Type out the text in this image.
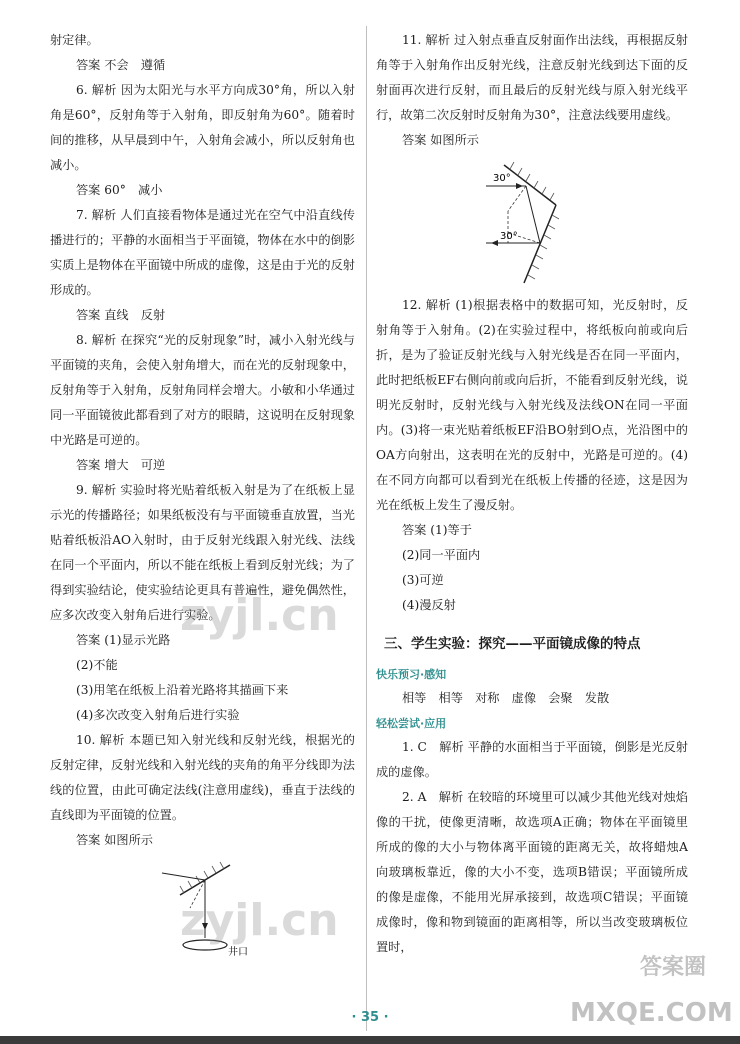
射定律。

答案 不会　遵循

6. 解析 因为太阳光与水平方向成30°角，所以入射角是60°，反射角等于入射角，即反射角为60°。随着时间的推移，从早晨到中午，入射角会减小，所以反射角也减小。

答案 60°　减小

7. 解析 人们直接看物体是通过光在空气中沿直线传播进行的；平静的水面相当于平面镜，物体在水中的倒影实质上是物体在平面镜中所成的虚像，这是由于光的反射形成的。

答案 直线　反射

8. 解析 在探究“光的反射现象”时，减小入射光线与平面镜的夹角，会使入射角增大，而在光的反射现象中，反射角等于入射角，反射角同样会增大。小敏和小华通过同一平面镜彼此都看到了对方的眼睛，这说明在反射现象中光路是可逆的。

答案 增大　可逆

9. 解析 实验时将光贴着纸板入射是为了在纸板上显示光的传播路径；如果纸板没有与平面镜垂直放置，当光贴着纸板沿AO入射时，由于反射光线跟入射光线、法线在同一个平面内，所以不能在纸板上看到反射光线；为了得到实验结论，使实验结论更具有普遍性，避免偶然性，应多次改变入射角后进行实验。

答案 (1)显示光路

(2)不能

(3)用笔在纸板上沿着光路将其描画下来

(4)多次改变入射角后进行实验

10. 解析 本题已知入射光线和反射光线，根据光的反射定律，反射光线和入射光线的夹角的角平分线即为法线的位置，由此可确定法线(注意用虚线)，垂直于法线的直线即为平面镜的位置。

答案 如图所示

井口

11. 解析 过入射点垂直反射面作出法线，再根据反射角等于入射角作出反射光线，注意反射光线到达下面的反射面再次进行反射，而且最后的反射光线与原入射光线平行，故第二次反射时反射角为30°，注意法线要用虚线。

答案 如图所示

30°
30°

12. 解析 (1)根据表格中的数据可知，光反射时，反射角等于入射角。(2)在实验过程中，将纸板向前或向后折，是为了验证反射光线与入射光线是否在同一平面内，此时把纸板EF右侧向前或向后折，不能看到反射光线，说明光反射时，反射光线与入射光线及法线ON在同一平面内。(3)将一束光贴着纸板EF沿BO射到O点，光沿图中的OA方向射出，这表明在光的反射中，光路是可逆的。(4)在不同方向都可以看到光在纸板上传播的径迹，这是因为光在纸板上发生了漫反射。

答案 (1)等于

(2)同一平面内

(3)可逆

(4)漫反射

三、学生实验：探究——平面镜成像的特点
快乐预习·感知

相等　相等　对称　虚像　会聚　发散

轻松尝试·应用

1. C　解析 平静的水面相当于平面镜，倒影是光反射成的虚像。

2. A　解析 在较暗的环境里可以减少其他光线对烛焰像的干扰，使像更清晰，故选项A正确；物体在平面镜里所成的像的大小与物体离平面镜的距离无关，故将蜡烛A向玻璃板靠近，像的大小不变，选项B错误；平面镜所成的像是虚像，不能用光屏承接到，故选项C错误；平面镜成像时，像和物到镜面的距离相等，所以当改变玻璃板位置时，

· 35 ·
zyjl.cn
zyjl.cn
答案圈
MXQE.COM
